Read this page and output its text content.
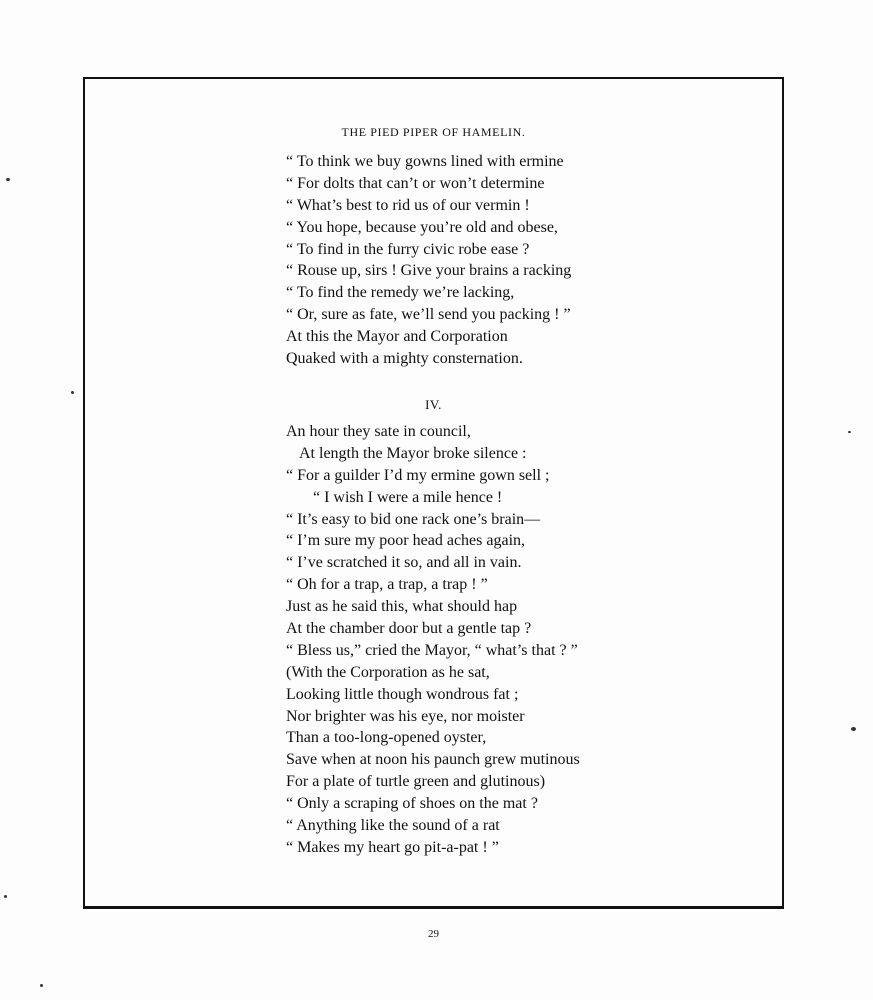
THE PIED PIPER OF HAMELIN.
“ To think we buy gowns lined with ermine
“ For dolts that can’t or won’t determine
“ What’s best to rid us of our vermin !
“ You hope, because you’re old and obese,
“ To find in the furry civic robe ease ?
“ Rouse up, sirs ! Give your brains a racking
“ To find the remedy we’re lacking,
“ Or, sure as fate, we’ll send you packing ! ”
At this the Mayor and Corporation
Quaked with a mighty consternation.
IV.
An hour they sate in council,
At length the Mayor broke silence :
“ For a guilder I’d my ermine gown sell ;
“ I wish I were a mile hence !
“ It’s easy to bid one rack one’s brain—
“ I’m sure my poor head aches again,
“ I’ve scratched it so, and all in vain.
“ Oh for a trap, a trap, a trap ! ”
Just as he said this, what should hap
At the chamber door but a gentle tap ?
“ Bless us,” cried the Mayor, “ what’s that ? ”
(With the Corporation as he sat,
Looking little though wondrous fat ;
Nor brighter was his eye, nor moister
Than a too-long-opened oyster,
Save when at noon his paunch grew mutinous
For a plate of turtle green and glutinous)
“ Only a scraping of shoes on the mat ?
“ Anything like the sound of a rat
“ Makes my heart go pit-a-pat ! ”
29
